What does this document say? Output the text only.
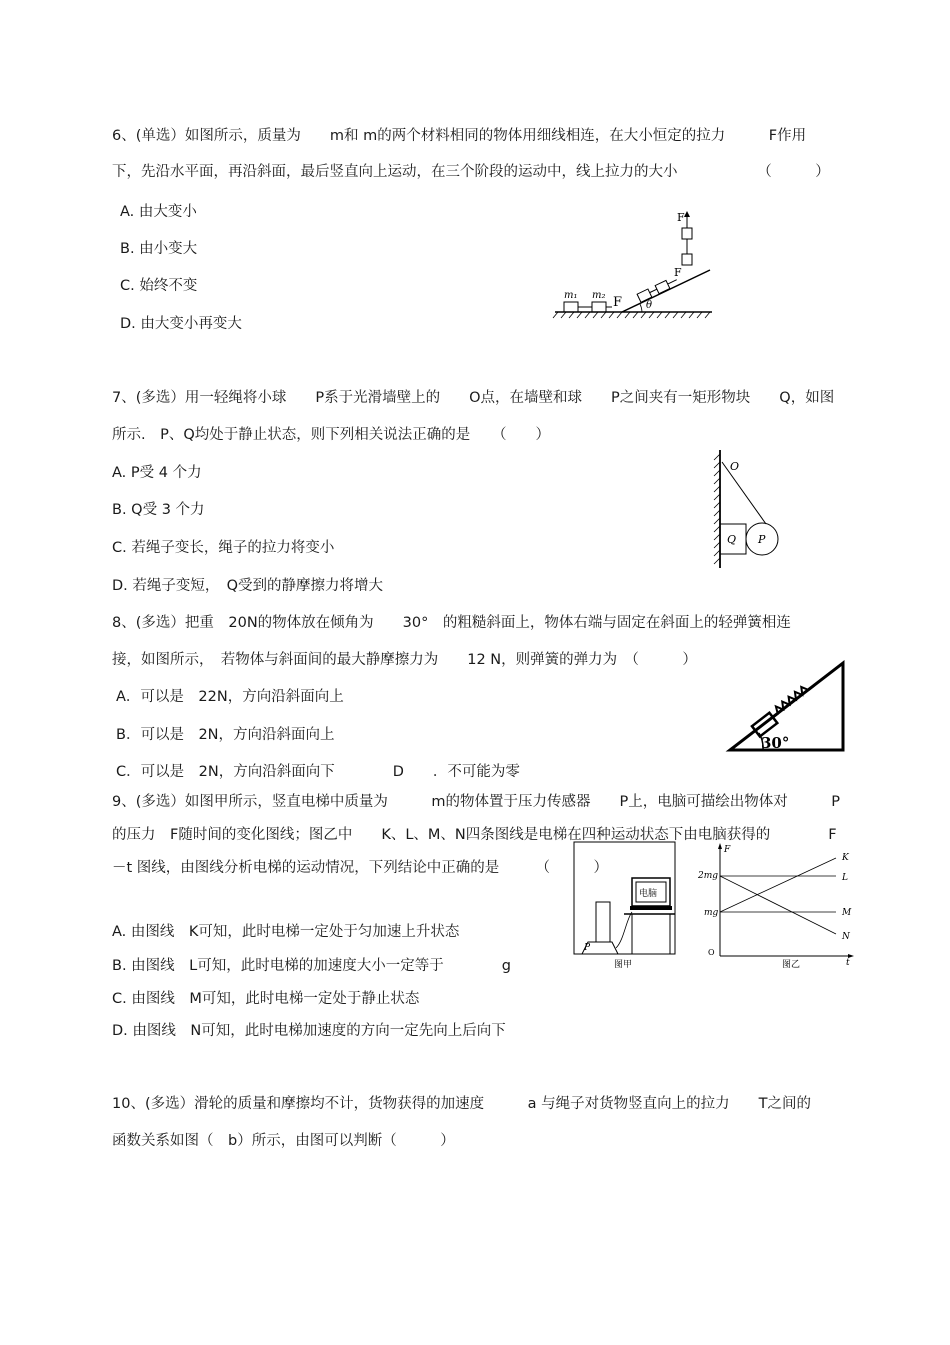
6、(单选）如图所示，质量为　　m和 m的两个材料相同的物体用细线相连，在大小恒定的拉力　　　F作用
下，先沿水平面，再沿斜面，最后竖直向上运动，在三个阶段的运动中，线上拉力的大小　　　　　　（　　　）
A. 由大变小
B. 由小变大
C. 始终不变
D. 由大变小再变大
m₁ m₂ F θ
F
F
7、(多选）用一轻绳将小球　　P系于光滑墙壁上的　　O点，在墙壁和球　　P之间夹有一矩形物块　　Q，如图
所示.　P、Q均处于静止状态，则下列相关说法正确的是　　（　　）
A. P受 4 个力
B. Q受 3 个力
C. 若绳子变长，绳子的拉力将变小
D. 若绳子变短，　Q受到的静摩擦力将增大
O
Q P
8、(多选）把重　20N的物体放在倾角为　　30°　的粗糙斜面上，物体右端与固定在斜面上的轻弹簧相连
接，如图所示，　若物体与斜面间的最大静摩擦力为　　12 N，则弹簧的弹力为　（　　　）
A．可以是　22N，方向沿斜面向上
B．可以是　2N，方向沿斜面向上
C．可以是　2N，方向沿斜面向下　　　　D　　．不可能为零
30°
9、(多选）如图甲所示，竖直电梯中质量为　　　m的物体置于压力传感器　　P上，电脑可描绘出物体对　　　P
的压力　F随时间的变化图线；图乙中　　K、L、M、N四条图线是电梯在四种运动状态下由电脑获得的　　　　F
－t 图线，由图线分析电梯的运动情况，下列结论中正确的是　　　（　　　）
A. 由图线　K可知，此时电梯一定处于匀加速上升状态
B. 由图线　L可知，此时电梯的加速度大小一定等于　　　　g
C. 由图线　M可知，此时电梯一定处于静止状态
D. 由图线　N可知，此时电梯加速度的方向一定先向上后向下
电脑
P
图甲
F
t
O
2mg
mg
K
L
M
N
图乙
10、(多选）滑轮的质量和摩擦均不计，货物获得的加速度　　　a 与绳子对货物竖直向上的拉力　　T之间的
函数关系如图（　b）所示，由图可以判断（　　　）
